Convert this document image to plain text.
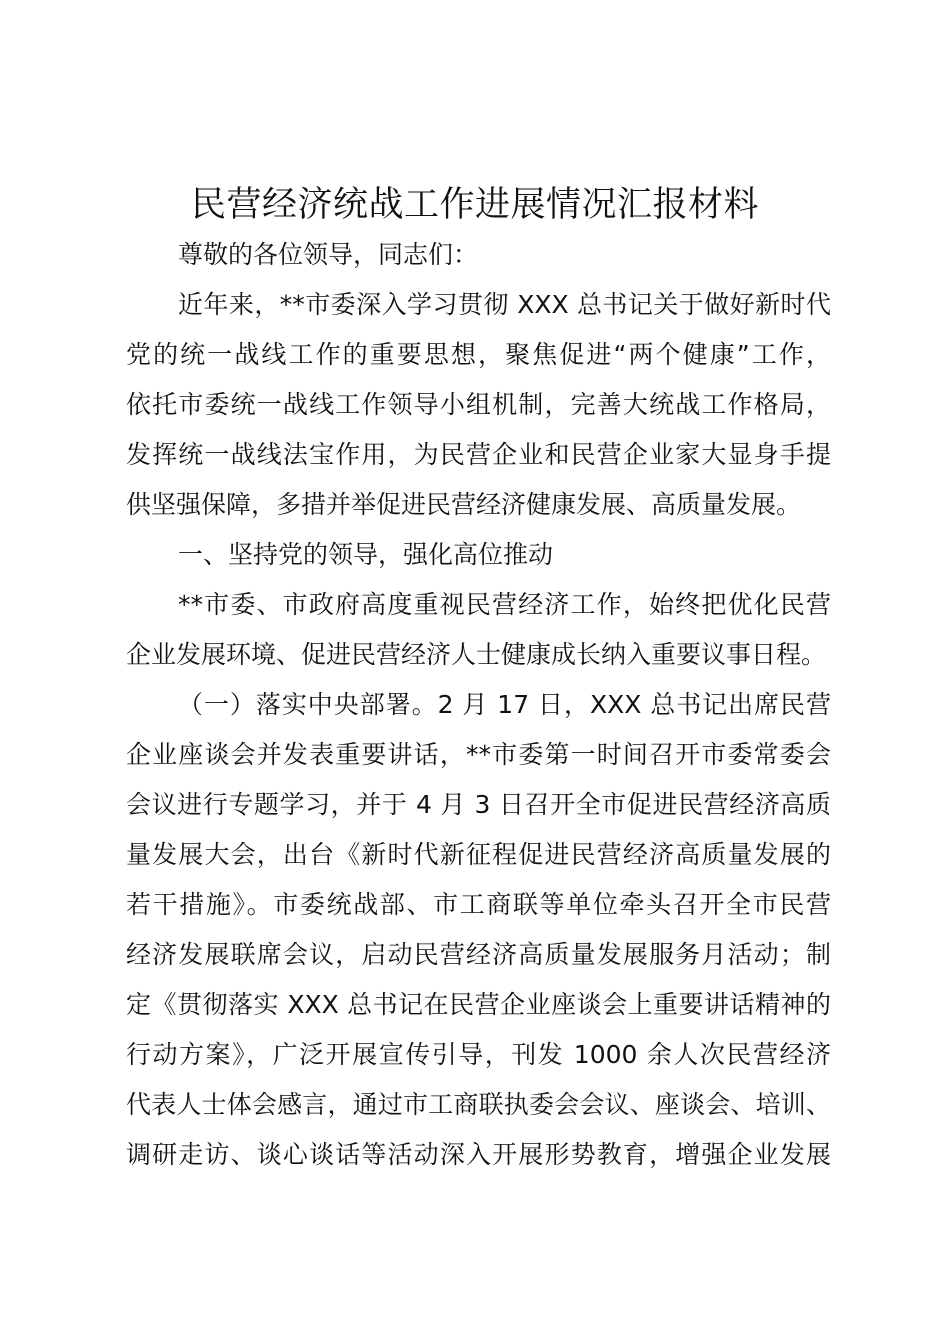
民营经济统战工作进展情况汇报材料
尊敬的各位领导，同志们：
近年来，**市委深入学习贯彻 XXX 总书记关于做好新时代
党的统一战线工作的重要思想，聚焦促进“两个健康”工作，
依托市委统一战线工作领导小组机制，完善大统战工作格局，
发挥统一战线法宝作用，为民营企业和民营企业家大显身手提
供坚强保障，多措并举促进民营经济健康发展、高质量发展。
一、坚持党的领导，强化高位推动
**市委、市政府高度重视民营经济工作，始终把优化民营
企业发展环境、促进民营经济人士健康成长纳入重要议事日程。
（一）落实中央部署。2 月 17 日，XXX 总书记出席民营
企业座谈会并发表重要讲话，**市委第一时间召开市委常委会
会议进行专题学习，并于 4 月 3 日召开全市促进民营经济高质
量发展大会，出台《新时代新征程促进民营经济高质量发展的
若干措施》。市委统战部、市工商联等单位牵头召开全市民营
经济发展联席会议，启动民营经济高质量发展服务月活动；制
定《贯彻落实 XXX 总书记在民营企业座谈会上重要讲话精神的
行动方案》，广泛开展宣传引导，刊发 1000 余人次民营经济
代表人士体会感言，通过市工商联执委会会议、座谈会、培训、
调研走访、谈心谈话等活动深入开展形势教育，增强企业发展
